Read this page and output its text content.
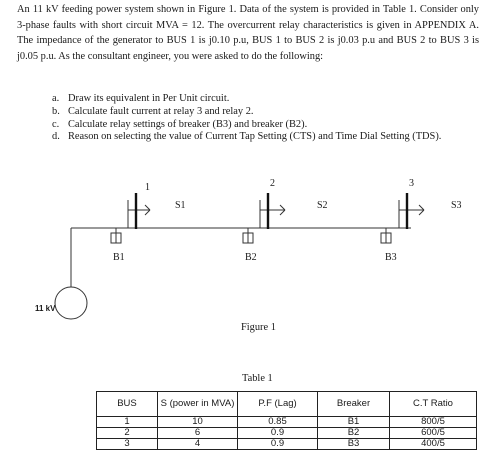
An 11 kV feeding power system shown in Figure 1. Data of the system is provided in Table 1. Consider only 3-phase faults with short circuit MVA = 12. The overcurrent relay characteristics is given in APPENDIX A. The impedance of the generator to BUS 1 is j0.10 p.u, BUS 1 to BUS 2 is j0.03 p.u and BUS 2 to BUS 3 is j0.05 p.u. As the consultant engineer, you were asked to do the following:
a. Draw its equivalent in Per Unit circuit.
b. Calculate fault current at relay 3 and relay 2.
c. Calculate relay settings of breaker (B3) and breaker (B2).
d. Reason on selecting the value of Current Tap Setting (CTS) and Time Dial Setting (TDS).
1	2	3
S1	S2	S3
B1	B2	B3
11 kV
Figure 1
Table 1
BUS	S (power in MVA)	P.F (Lag)	Breaker	C.T Ratio
1	10	0.85	B1	800/5
2	6	0.9	B2	600/5
3	4	0.9	B3	400/5
